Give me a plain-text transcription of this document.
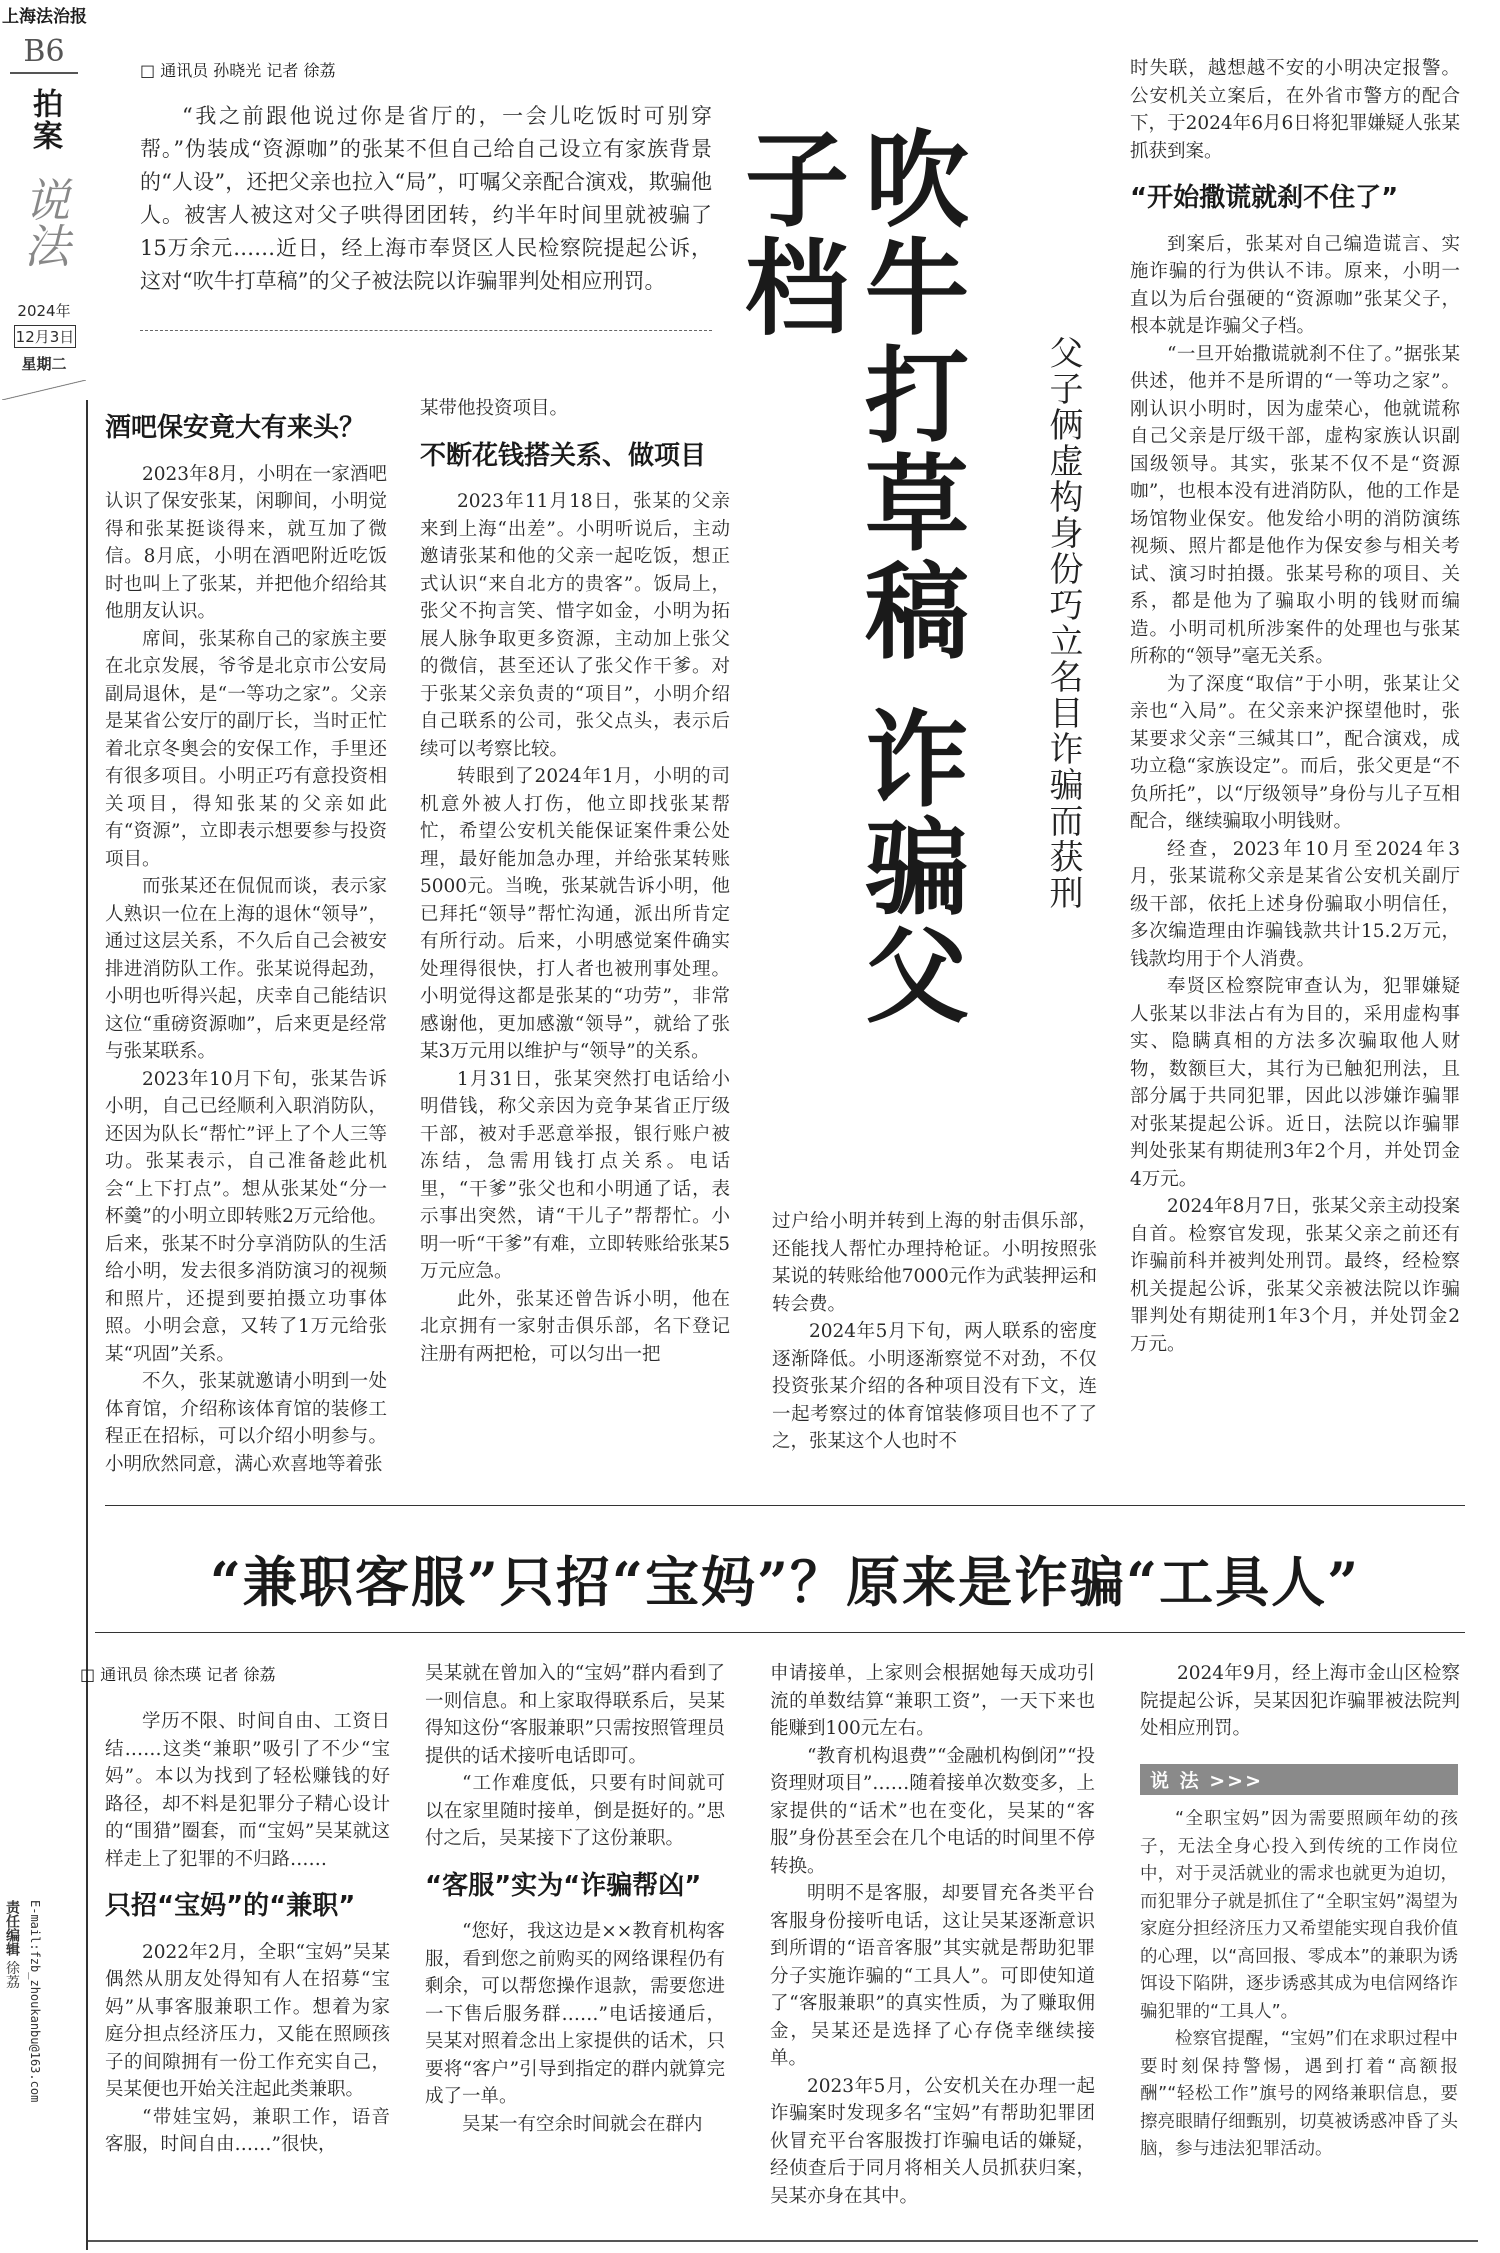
上海法治报
B6
拍案
说法
2024年
12月3日
星期二
责任编辑 徐荔 E-mail:fzb_zhoukanbu@163.com
□ 通讯员 孙晓光 记者 徐荔

“我之前跟他说过你是省厅的，一会儿吃饭时可别穿帮。”伪装成“资源咖”的张某不但自己给自己设立有家族背景的“人设”，还把父亲也拉入“局”，叮嘱父亲配合演戏，欺骗他人。被害人被这对父子哄得团团转，约半年时间里就被骗了15万余元……近日，经上海市奉贤区人民检察院提起公诉，这对“吹牛打草稿”的父子被法院以诈骗罪判处相应刑罚。	吹牛打草稿 诈骗父子档
父子俩虚构身份巧立名目诈骗而获刑
酒吧保安竟大有来头？

2023年8月，小明在一家酒吧认识了保安张某，闲聊间，小明觉得和张某挺谈得来，就互加了微信。8月底，小明在酒吧附近吃饭时也叫上了张某，并把他介绍给其他朋友认识。

席间，张某称自己的家族主要在北京发展，爷爷是北京市公安局副局退休，是“一等功之家”。父亲是某省公安厅的副厅长，当时正忙着北京冬奥会的安保工作，手里还有很多项目。小明正巧有意投资相关项目，得知张某的父亲如此有“资源”，立即表示想要参与投资项目。

而张某还在侃侃而谈，表示家人熟识一位在上海的退休“领导”，通过这层关系，不久后自己会被安排进消防队工作。张某说得起劲，小明也听得兴起，庆幸自己能结识这位“重磅资源咖”，后来更是经常与张某联系。

2023年10月下旬，张某告诉小明，自己已经顺利入职消防队，还因为队长“帮忙”评上了个人三等功。张某表示，自己准备趁此机会“上下打点”。想从张某处“分一杯羹”的小明立即转账2万元给他。后来，张某不时分享消防队的生活给小明，发去很多消防演习的视频和照片，还提到要拍摄立功事体照。小明会意，又转了1万元给张某“巩固”关系。

不久，张某就邀请小明到一处体育馆，介绍称该体育馆的装修工程正在招标，可以介绍小明参与。小明欣然同意，满心欢喜地等着张

某带他投资项目。

不断花钱搭关系、做项目

2023年11月18日，张某的父亲来到上海“出差”。小明听说后，主动邀请张某和他的父亲一起吃饭，想正式认识“来自北方的贵客”。饭局上，张父不拘言笑、惜字如金，小明为拓展人脉争取更多资源，主动加上张父的微信，甚至还认了张父作干爹。对于张某父亲负责的“项目”，小明介绍自己联系的公司，张父点头，表示后续可以考察比较。

转眼到了2024年1月，小明的司机意外被人打伤，他立即找张某帮忙，希望公安机关能保证案件秉公处理，最好能加急办理，并给张某转账5000元。当晚，张某就告诉小明，他已拜托“领导”帮忙沟通，派出所肯定有所行动。后来，小明感觉案件确实处理得很快，打人者也被刑事处理。小明觉得这都是张某的“功劳”，非常感谢他，更加感激“领导”，就给了张某3万元用以维护与“领导”的关系。

1月31日，张某突然打电话给小明借钱，称父亲因为竞争某省正厅级干部，被对手恶意举报，银行账户被冻结，急需用钱打点关系。电话里，“干爹”张父也和小明通了话，表示事出突然，请“干儿子”帮帮忙。小明一听“干爹”有难，立即转账给张某5万元应急。

此外，张某还曾告诉小明，他在北京拥有一家射击俱乐部，名下登记注册有两把枪，可以匀出一把

过户给小明并转到上海的射击俱乐部，还能找人帮忙办理持枪证。小明按照张某说的转账给他7000元作为武装押运和转会费。

2024年5月下旬，两人联系的密度逐渐降低。小明逐渐察觉不对劲，不仅投资张某介绍的各种项目没有下文，连一起考察过的体育馆装修项目也不了了之，张某这个人也时不

时失联，越想越不安的小明决定报警。公安机关立案后，在外省市警方的配合下，于2024年6月6日将犯罪嫌疑人张某抓获到案。

“开始撒谎就刹不住了”

到案后，张某对自己编造谎言、实施诈骗的行为供认不讳。原来，小明一直以为后台强硬的“资源咖”张某父子，根本就是诈骗父子档。

“一旦开始撒谎就刹不住了。”据张某供述，他并不是所谓的“一等功之家”。刚认识小明时，因为虚荣心，他就谎称自己父亲是厅级干部，虚构家族认识副国级领导。其实，张某不仅不是“资源咖”，也根本没有进消防队，他的工作是场馆物业保安。他发给小明的消防演练视频、照片都是他作为保安参与相关考试、演习时拍摄。张某号称的项目、关系，都是他为了骗取小明的钱财而编造。小明司机所涉案件的处理也与张某所称的“领导”毫无关系。

为了深度“取信”于小明，张某让父亲也“入局”。在父亲来沪探望他时，张某要求父亲“三缄其口”，配合演戏，成功立稳“家族设定”。而后，张父更是“不负所托”，以“厅级领导”身份与儿子互相配合，继续骗取小明钱财。

经查，2023年10月至2024年3月，张某谎称父亲是某省公安机关副厅级干部，依托上述身份骗取小明信任，多次编造理由诈骗钱款共计15.2万元，钱款均用于个人消费。

奉贤区检察院审查认为，犯罪嫌疑人张某以非法占有为目的，采用虚构事实、隐瞒真相的方法多次骗取他人财物，数额巨大，其行为已触犯刑法，且部分属于共同犯罪，因此以涉嫌诈骗罪对张某提起公诉。近日，法院以诈骗罪判处张某有期徒刑3年2个月，并处罚金4万元。

2024年8月7日，张某父亲主动投案自首。检察官发现，张某父亲之前还有诈骗前科并被判处刑罚。最终，经检察机关提起公诉，张某父亲被法院以诈骗罪判处有期徒刑1年3个月，并处罚金2万元。

“兼职客服”只招“宝妈”？原来是诈骗“工具人”
□ 通讯员 徐杰瑛 记者 徐荔

学历不限、时间自由、工资日结……这类“兼职”吸引了不少“宝妈”。本以为找到了轻松赚钱的好路径，却不料是犯罪分子精心设计的“围猎”圈套，而“宝妈”吴某就这样走上了犯罪的不归路……

只招“宝妈”的“兼职”

2022年2月，全职“宝妈”吴某偶然从朋友处得知有人在招募“宝妈”从事客服兼职工作。想着为家庭分担点经济压力，又能在照顾孩子的间隙拥有一份工作充实自己，吴某便也开始关注起此类兼职。

“带娃宝妈，兼职工作，语音客服，时间自由……”很快，

吴某就在曾加入的“宝妈”群内看到了一则信息。和上家取得联系后，吴某得知这份“客服兼职”只需按照管理员提供的话术接听电话即可。

“工作难度低，只要有时间就可以在家里随时接单，倒是挺好的。”思付之后，吴某接下了这份兼职。

“客服”实为“诈骗帮凶”

“您好，我这边是××教育机构客服，看到您之前购买的网络课程仍有剩余，可以帮您操作退款，需要您进一下售后服务群……”电话接通后，吴某对照着念出上家提供的话术，只要将“客户”引导到指定的群内就算完成了一单。

吴某一有空余时间就会在群内

申请接单，上家则会根据她每天成功引流的单数结算“兼职工资”，一天下来也能赚到100元左右。

“教育机构退费”“金融机构倒闭”“投资理财项目”……随着接单次数变多，上家提供的“话术”也在变化，吴某的“客服”身份甚至会在几个电话的时间里不停转换。

明明不是客服，却要冒充各类平台客服身份接听电话，这让吴某逐渐意识到所谓的“语音客服”其实就是帮助犯罪分子实施诈骗的“工具人”。可即使知道了“客服兼职”的真实性质，为了赚取佣金，吴某还是选择了心存侥幸继续接单。

2023年5月，公安机关在办理一起诈骗案时发现多名“宝妈”有帮助犯罪团伙冒充平台客服拨打诈骗电话的嫌疑，经侦查后于同月将相关人员抓获归案，吴某亦身在其中。

2024年9月，经上海市金山区检察院提起公诉，吴某因犯诈骗罪被法院判处相应刑罚。

说 法 >>>

“全职宝妈”因为需要照顾年幼的孩子，无法全身心投入到传统的工作岗位中，对于灵活就业的需求也就更为迫切，而犯罪分子就是抓住了“全职宝妈”渴望为家庭分担经济压力又希望能实现自我价值的心理，以“高回报、零成本”的兼职为诱饵设下陷阱，逐步诱惑其成为电信网络诈骗犯罪的“工具人”。

检察官提醒，“宝妈”们在求职过程中要时刻保持警惕，遇到打着“高额报酬”“轻松工作”旗号的网络兼职信息，要擦亮眼睛仔细甄别，切莫被诱惑冲昏了头脑，参与违法犯罪活动。
